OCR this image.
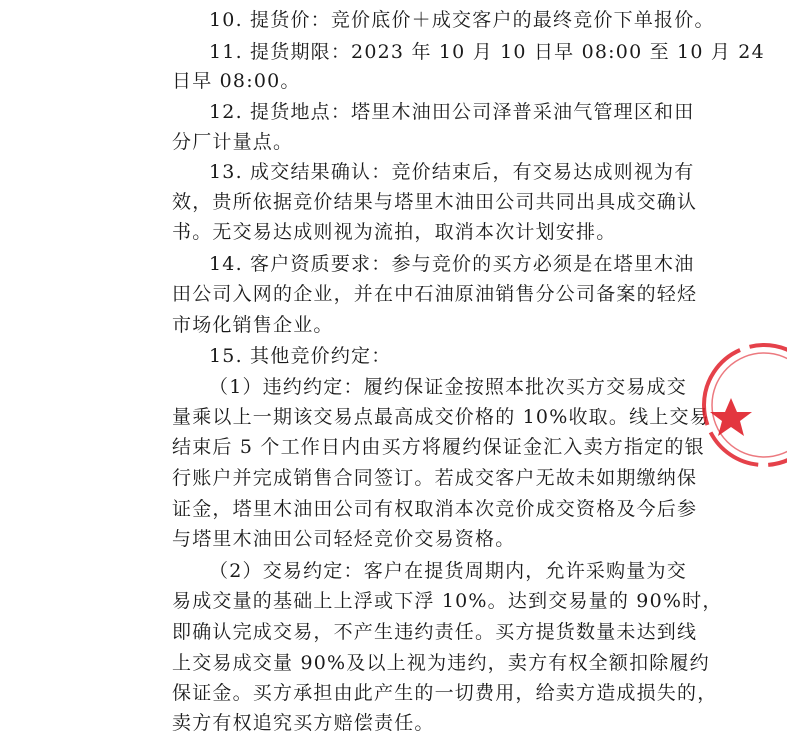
10. 提货价：竞价底价＋成交客户的最终竞价下单报价。
11. 提货期限：2023 年 10 月 10 日早 08:00 至 10 月 24
日早 08:00。
12. 提货地点：塔里木油田公司泽普采油气管理区和田
分厂计量点。
13. 成交结果确认：竞价结束后，有交易达成则视为有
效，贵所依据竞价结果与塔里木油田公司共同出具成交确认
书。无交易达成则视为流拍，取消本次计划安排。
14. 客户资质要求：参与竞价的买方必须是在塔里木油
田公司入网的企业，并在中石油原油销售分公司备案的轻烃
市场化销售企业。
15. 其他竞价约定：
（1）违约约定：履约保证金按照本批次买方交易成交
量乘以上一期该交易点最高成交价格的 10%收取。线上交易
结束后 5 个工作日内由买方将履约保证金汇入卖方指定的银
行账户并完成销售合同签订。若成交客户无故未如期缴纳保
证金，塔里木油田公司有权取消本次竞价成交资格及今后参
与塔里木油田公司轻烃竞价交易资格。
（2）交易约定：客户在提货周期内，允许采购量为交
易成交量的基础上上浮或下浮 10%。达到交易量的 90%时，
即确认完成交易，不产生违约责任。买方提货数量未达到线
上交易成交量 90%及以上视为违约，卖方有权全额扣除履约
保证金。买方承担由此产生的一切费用，给卖方造成损失的，
卖方有权追究买方赔偿责任。
